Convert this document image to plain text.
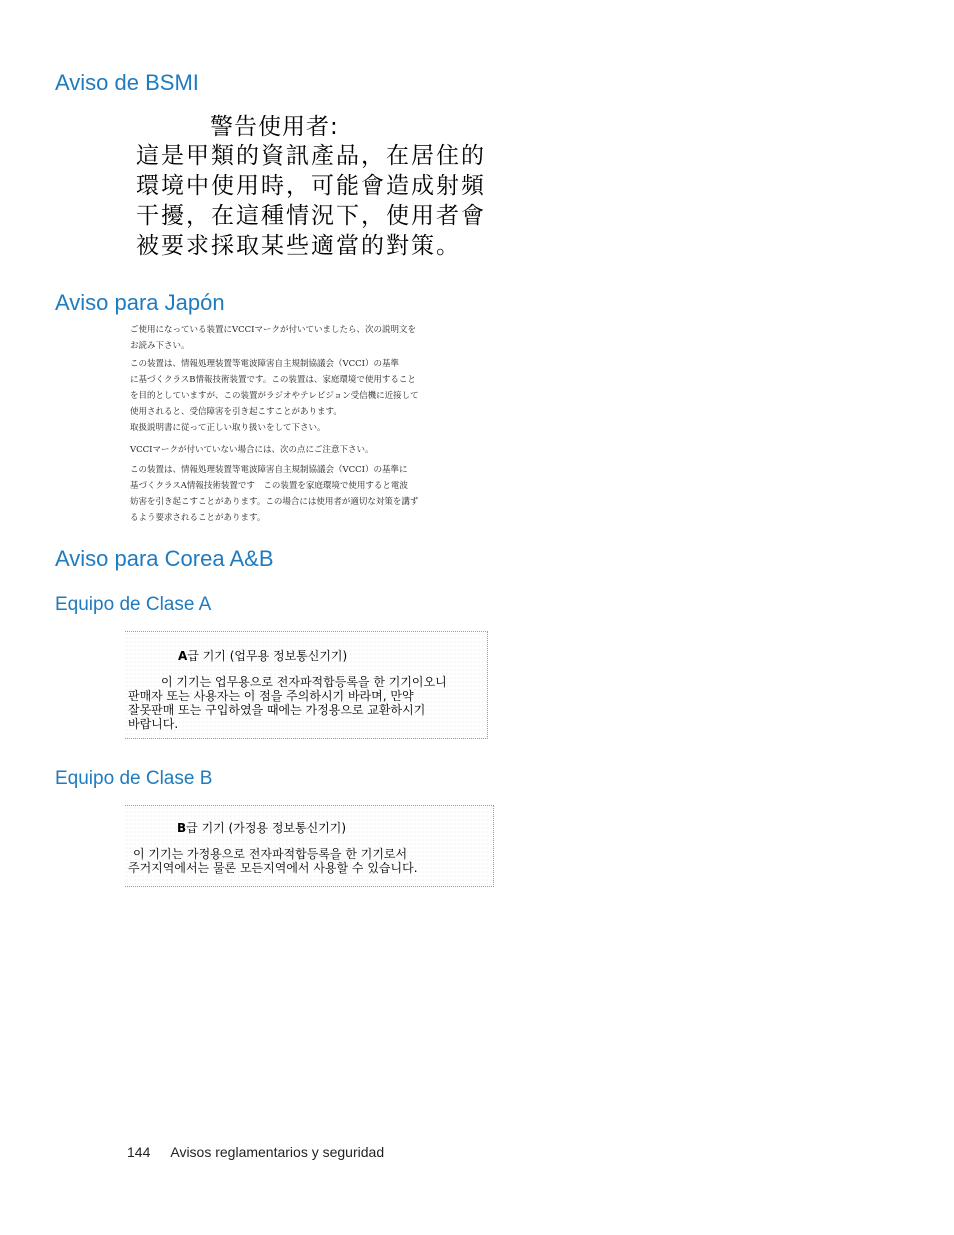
Aviso de BSMI
警告使用者:
這是甲類的資訊產品，在居住的
環境中使用時，可能會造成射頻
干擾，在這種情況下，使用者會
被要求採取某些適當的對策。
Aviso para Japón
ご使用になっている装置にVCCIマークが付いていましたら、次の説明文を
お読み下さい。
この装置は、情報処理装置等電波障害自主規制協議会（VCCI）の基準
に基づくクラスB情報技術装置です。この装置は、家庭環境で使用すること
を目的としていますが、この装置がラジオやテレビジョン受信機に近接して
使用されると、受信障害を引き起こすことがあります。
取扱説明書に従って正しい取り扱いをして下さい。
VCCIマークが付いていない場合には、次の点にご注意下さい。
この装置は、情報処理装置等電波障害自主規制協議会（VCCI）の基準に
基づくクラスA情報技術装置です　この装置を家庭環境で使用すると電波
妨害を引き起こすことがあります。この場合には使用者が適切な対策を講ず
るよう要求されることがあります。
Aviso para Corea A&B
Equipo de Clase A
A급 기기 (업무용 정보통신기기)
이 기기는 업무용으로 전자파적합등록을 한 기기이오니
판매자 또는 사용자는 이 점을 주의하시기 바라며, 만약
잘못판매 또는 구입하였을 때에는 가정용으로 교환하시기
바랍니다.
Equipo de Clase B
B급 기기 (가정용 정보통신기기)
이 기기는 가정용으로 전자파적합등록을 한 기기로서
주거지역에서는 물론 모든지역에서 사용할 수 있습니다.
144 Avisos reglamentarios y seguridad
